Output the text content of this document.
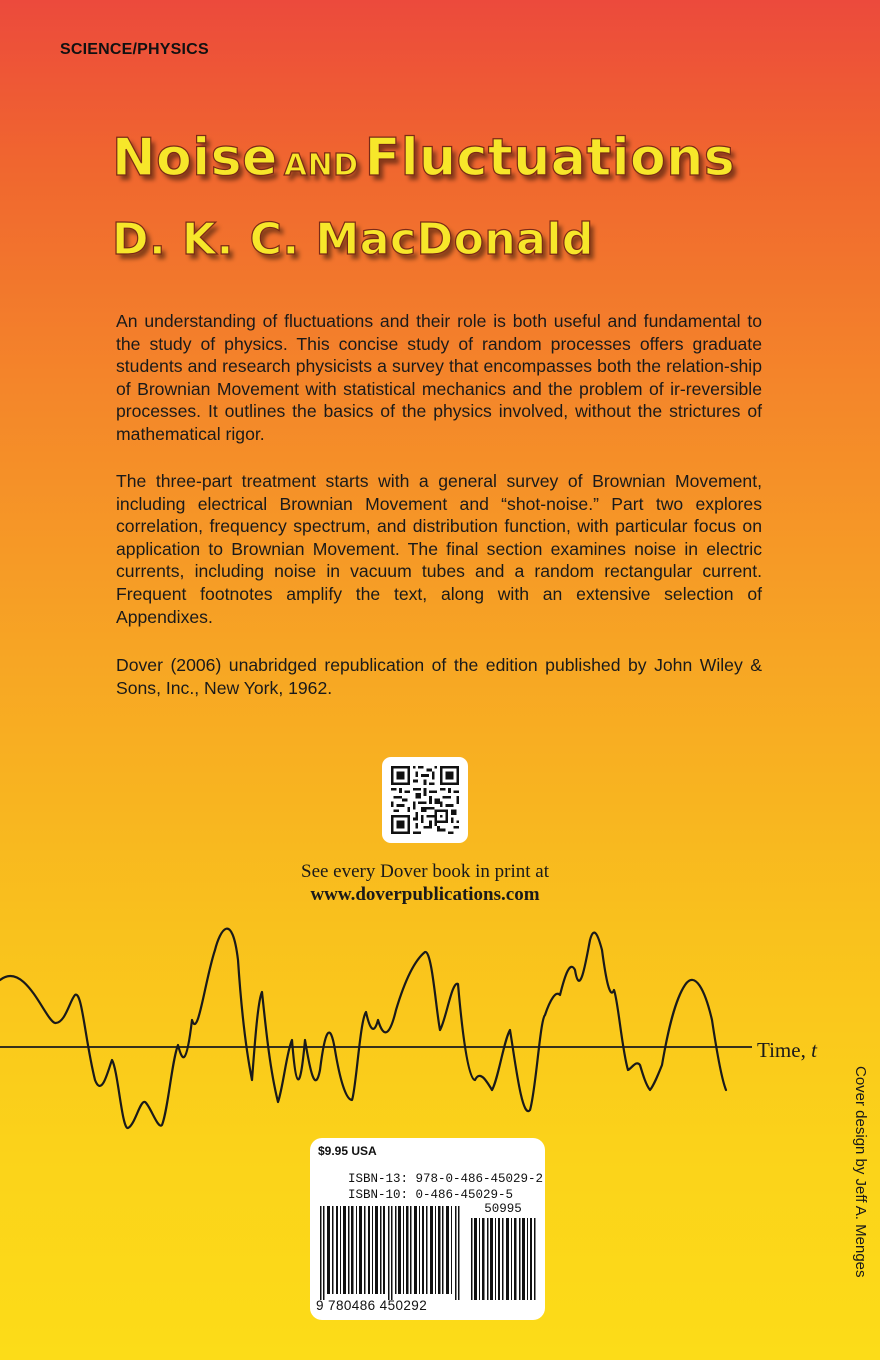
SCIENCE/PHYSICS
Noise AND Fluctuations
D. K. C. MacDonald

An understanding of fluctuations and their role is both useful and fundamental to the study of physics. This concise study of random processes offers graduate students and research physicists a survey that encompasses both the relation-ship of Brownian Movement with statistical mechanics and the problem of ir-reversible processes. It outlines the basics of the physics involved, without the strictures of mathematical rigor.

The three-part treatment starts with a general survey of Brownian Movement, including electrical Brownian Movement and “shot-noise.” Part two explores correlation, frequency spectrum, and distribution function, with particular focus on application to Brownian Movement. The final section examines noise in electric currents, including noise in vacuum tubes and a random rectangular current. Frequent footnotes amplify the text, along with an extensive selection of Appendixes.

Dover (2006) unabridged republication of the edition published by John Wiley & Sons, Inc., New York, 1962.

See every Dover book in print at
www.doverpublications.com
Time, t
Cover design by Jeff A. Menges
$9.95 USA
ISBN-13: 978-0-486-45029-2
ISBN-10: 0-486-45029-5
50995
9 780486 450292
